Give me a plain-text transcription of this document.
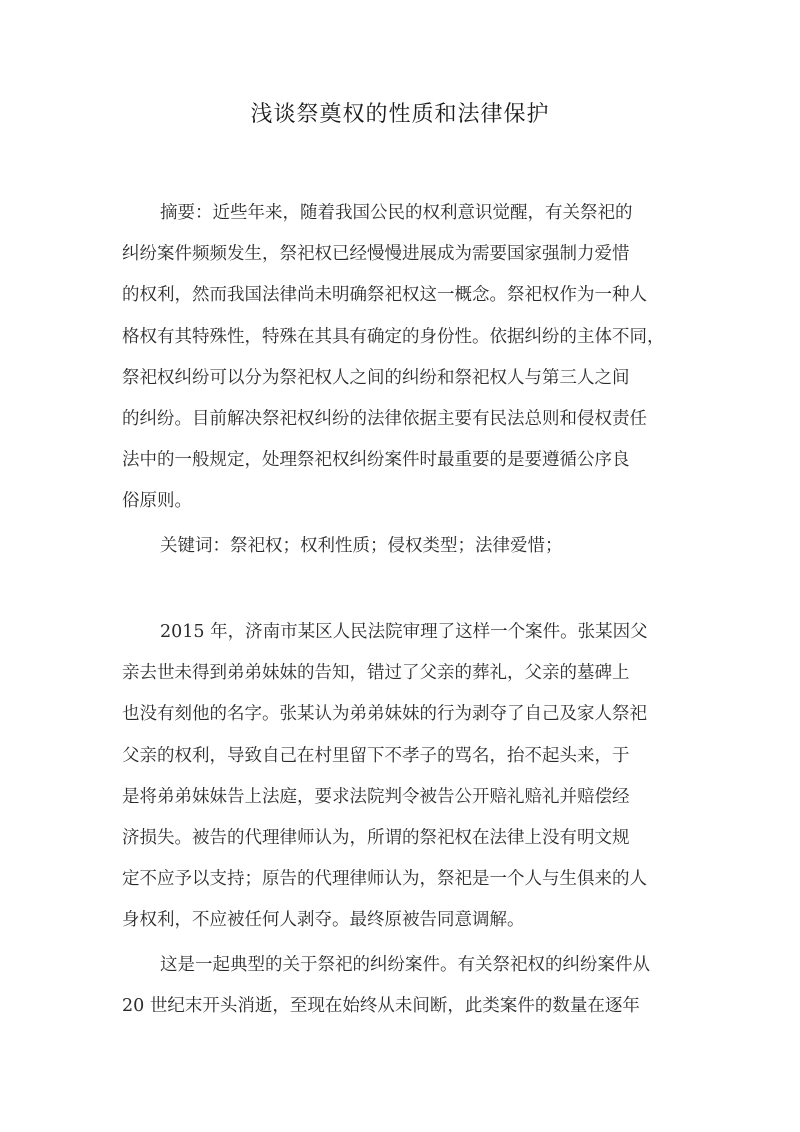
浅谈祭奠权的性质和法律保护

摘要：近些年来，随着我国公民的权利意识觉醒，有关祭祀的

纠纷案件频频发生，祭祀权已经慢慢进展成为需要国家强制力爱惜

的权利，然而我国法律尚未明确祭祀权这一概念。祭祀权作为一种人

格权有其特殊性，特殊在其具有确定的身份性。依据纠纷的主体不同，

祭祀权纠纷可以分为祭祀权人之间的纠纷和祭祀权人与第三人之间

的纠纷。目前解决祭祀权纠纷的法律依据主要有民法总则和侵权责任

法中的一般规定，处理祭祀权纠纷案件时最重要的是要遵循公序良

俗原则。

关键词：祭祀权；权利性质；侵权类型；法律爱惜；

2015 年，济南市某区人民法院审理了这样一个案件。张某因父

亲去世未得到弟弟妹妹的告知，错过了父亲的葬礼，父亲的墓碑上

也没有刻他的名字。张某认为弟弟妹妹的行为剥夺了自己及家人祭祀

父亲的权利，导致自己在村里留下不孝子的骂名，抬不起头来，于

是将弟弟妹妹告上法庭，要求法院判令被告公开赔礼赔礼并赔偿经

济损失。被告的代理律师认为，所谓的祭祀权在法律上没有明文规

定不应予以支持；原告的代理律师认为，祭祀是一个人与生俱来的人

身权利，不应被任何人剥夺。最终原被告同意调解。

这是一起典型的关于祭祀的纠纷案件。有关祭祀权的纠纷案件从

20 世纪末开头消逝，至现在始终从未间断，此类案件的数量在逐年
